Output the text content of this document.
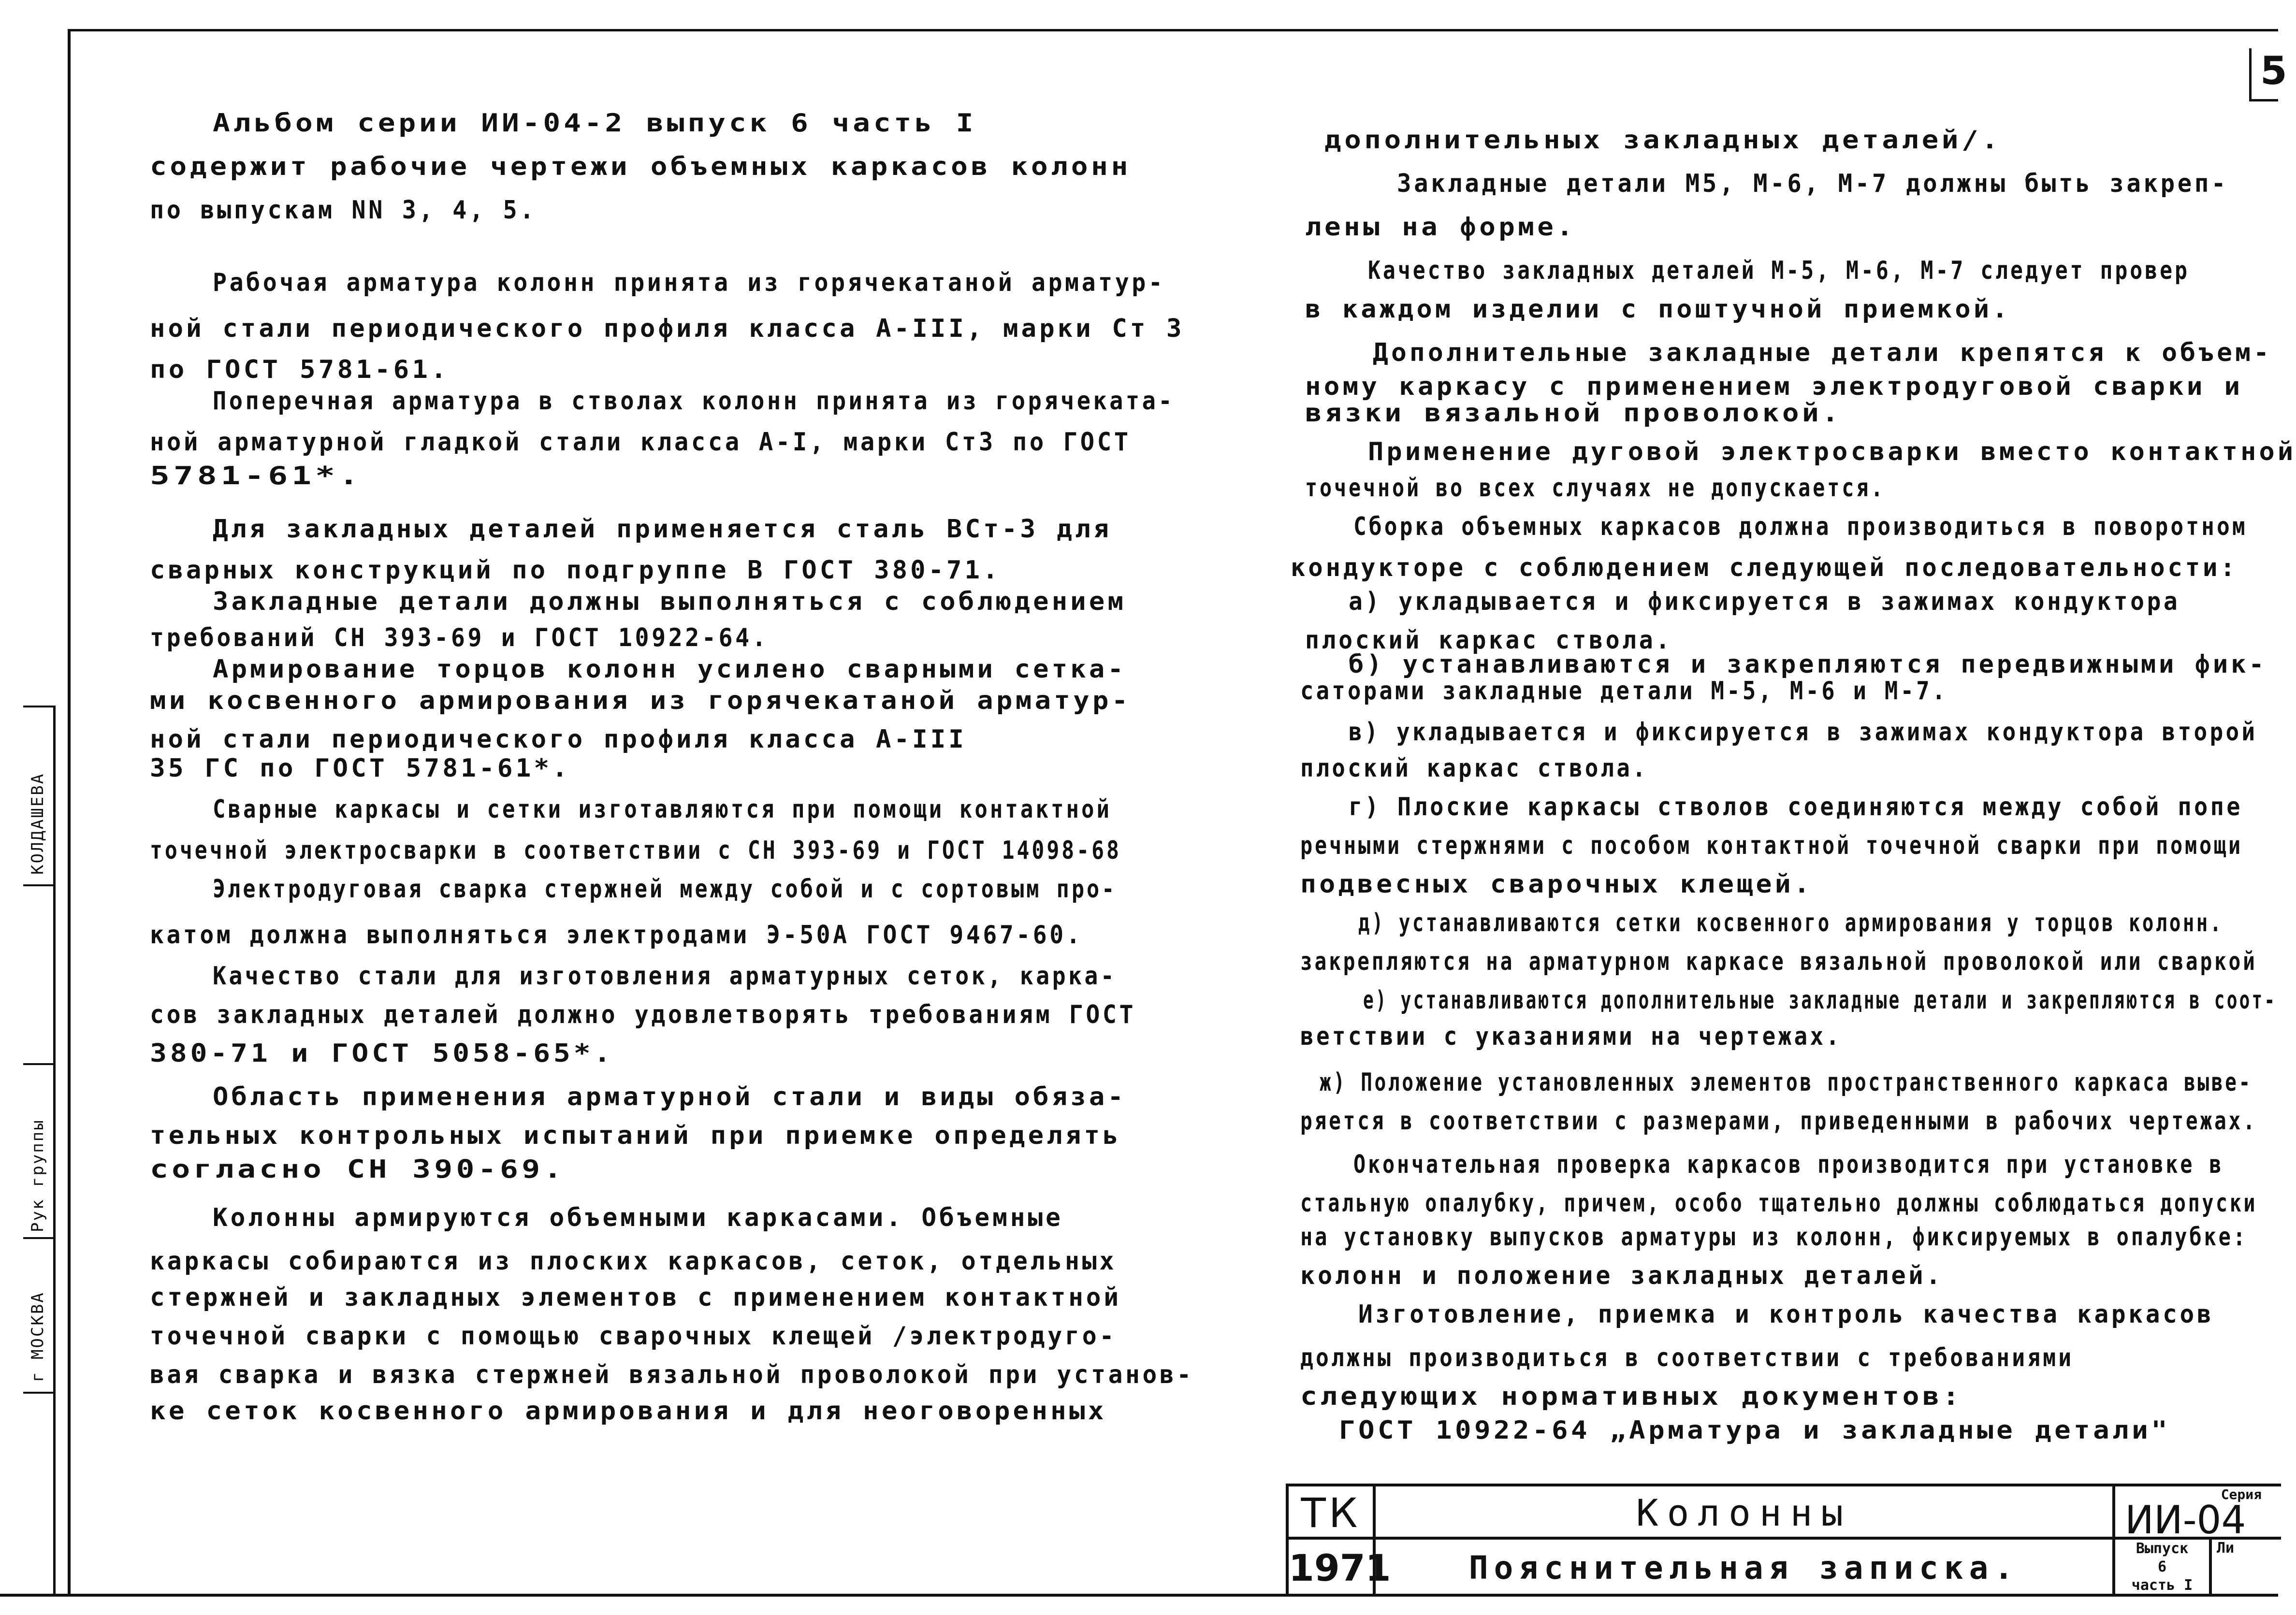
КОЛДАШЕВА
Рук группы
г МОСКВА
5

Альбом серии ИИ-04-2 выпуск 6 часть I

содержит рабочие чертежи объемных каркасов колонн

по выпускам NN 3, 4, 5.

Рабочая арматура колонн принята из горячекатаной арматур-

ной стали периодического профиля класса А-III, марки Ст 3

по ГОСТ 5781-61.

Поперечная арматура в стволах колонн принята из горячеката-

ной арматурной гладкой стали класса А-I, марки Ст3 по ГОСТ

5781-61*.

Для закладных деталей применяется сталь ВСт-3 для

сварных конструкций по подгруппе В ГОСТ 380-71.

Закладные детали должны выполняться с соблюдением

требований СН 393-69 и ГОСТ 10922-64.

Армирование торцов колонн усилено сварными сетка-

ми косвенного армирования из горячекатаной арматур-

ной стали периодического профиля класса А-III

35 ГС по ГОСТ 5781-61*.

Сварные каркасы и сетки изготавляются при помощи контактной

точечной электросварки в соответствии с СН 393-69 и ГОСТ 14098-68

Электродуговая сварка стержней между собой и с сортовым про-

катом должна выполняться электродами Э-50А ГОСТ 9467-60.

Качество стали для изготовления арматурных сеток, карка-

сов закладных деталей должно удовлетворять требованиям ГОСТ

380-71 и ГОСТ 5058-65*.

Область применения арматурной стали и виды обяза-

тельных контрольных испытаний при приемке определять

согласно СН 390-69.

Колонны армируются объемными каркасами. Объемные

каркасы собираются из плоских каркасов, сеток, отдельных

стержней и закладных элементов с применением контактной

точечной сварки с помощью сварочных клещей /электродуго-

вая сварка и вязка стержней вязальной проволокой при установ-

ке сеток косвенного армирования и для неоговоренных

дополнительных закладных деталей/.

Закладные детали М5, М-6, М-7 должны быть закреп-

лены на форме.

Качество закладных деталей М-5, М-6, М-7 следует провер

в каждом изделии с поштучной приемкой.

Дополнительные закладные детали крепятся к объем-

ному каркасу с применением электродуговой сварки и

вязки вязальной проволокой.

Применение дуговой электросварки вместо контактной

точечной во всех случаях не допускается.

Сборка объемных каркасов должна производиться в поворотном

кондукторе с соблюдением следующей последовательности:

а) укладывается и фиксируется в зажимах кондуктора

плоский каркас ствола.

б) устанавливаются и закрепляются передвижными фик-

саторами закладные детали М-5, М-6 и М-7.

в) укладывается и фиксируется в зажимах кондуктора второй

плоский каркас ствола.

г) Плоские каркасы стволов соединяются между собой попе

речными стержнями с пособом контактной точечной сварки при помощи

подвесных сварочных клещей.

д) устанавливаются сетки косвенного армирования у торцов колонн.

закрепляются на арматурном каркасе вязальной проволокой или сваркой

е) устанавливаются дополнительные закладные детали и закрепляются в соот-

ветствии с указаниями на чертежах.

ж) Положение установленных элементов пространственного каркаса выве-

ряется в соответствии с размерами, приведенными в рабочих чертежах.

Окончательная проверка каркасов производится при установке в

стальную опалубку, причем, особо тщательно должны соблюдаться допуски

на установку выпусков арматуры из колонн, фиксируемых в опалубке:

колонн и положение закладных деталей.

Изготовление, приемка и контроль качества каркасов

должны производиться в соответствии с требованиями

следующих нормативных документов:

ГОСТ 10922-64 „Арматура и закладные детали"

ТК
1971
Колонны
Пояснительная записка.
Серия
ИИ-04
Выпуск
6
часть I
Ли
